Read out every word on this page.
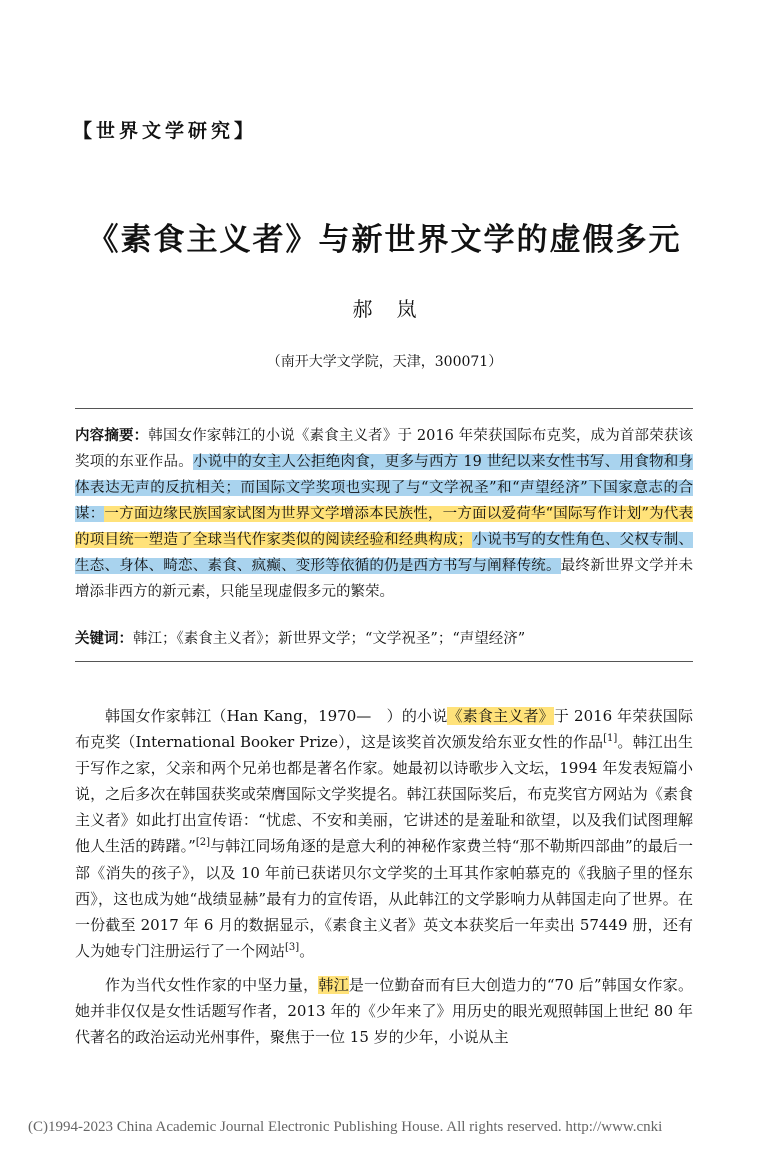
【世界文学研究】
《素食主义者》与新世界文学的虚假多元
郝岚
（南开大学文学院，天津，300071）
内容摘要：韩国女作家韩江的小说《素食主义者》于 2016 年荣获国际布克奖，成为首部荣获该奖项的东亚作品。小说中的女主人公拒绝肉食，更多与西方 19 世纪以来女性书写、用食物和身体表达无声的反抗相关；而国际文学奖项也实现了与“文学祝圣”和“声望经济”下国家意志的合谋：一方面边缘民族国家试图为世界文学增添本民族性，一方面以爱荷华“国际写作计划”为代表的项目统一塑造了全球当代作家类似的阅读经验和经典构成；小说书写的女性角色、父权专制、生态、身体、畸恋、素食、疯癫、变形等依循的仍是西方书写与阐释传统。最终新世界文学并未增添非西方的新元素，只能呈现虚假多元的繁荣。
关键词：韩江；《素食主义者》；新世界文学；“文学祝圣”；“声望经济”

韩国女作家韩江（Han Kang，1970—　）的小说《素食主义者》于 2016 年荣获国际布克奖（International Booker Prize），这是该奖首次颁发给东亚女性的作品[1]。韩江出生于写作之家，父亲和两个兄弟也都是著名作家。她最初以诗歌步入文坛，1994 年发表短篇小说，之后多次在韩国获奖或荣膺国际文学奖提名。韩江获国际奖后，布克奖官方网站为《素食主义者》如此打出宣传语：“忧虑、不安和美丽，它讲述的是羞耻和欲望，以及我们试图理解他人生活的踌躇。”[2]与韩江同场角逐的是意大利的神秘作家费兰特“那不勒斯四部曲”的最后一部《消失的孩子》，以及 10 年前已获诺贝尔文学奖的土耳其作家帕慕克的《我脑子里的怪东西》，这也成为她“战绩显赫”最有力的宣传语，从此韩江的文学影响力从韩国走向了世界。在一份截至 2017 年 6 月的数据显示，《素食主义者》英文本获奖后一年卖出 57449 册，还有人为她专门注册运行了一个网站[3]。

作为当代女性作家的中坚力量，韩江是一位勤奋而有巨大创造力的“70 后”韩国女作家。她并非仅仅是女性话题写作者，2013 年的《少年来了》用历史的眼光观照韩国上世纪 80 年代著名的政治运动光州事件，聚焦于一位 15 岁的少年，小说从主

(C)1994-2023 China Academic Journal Electronic Publishing House. All rights reserved. http://www.cnki
